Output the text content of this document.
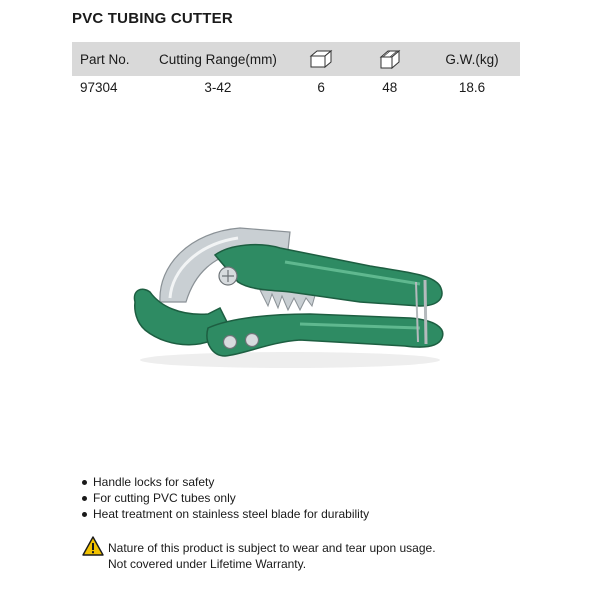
PVC TUBING CUTTER
Part No.	Cutting Range(mm)			G.W.(kg)
97304	3-42	6	48	18.6
Handle locks for safety
For cutting PVC tubes only
Heat treatment on stainless steel blade for durability
Nature of this product is subject to wear and tear upon usage.
Not covered under Lifetime Warranty.
